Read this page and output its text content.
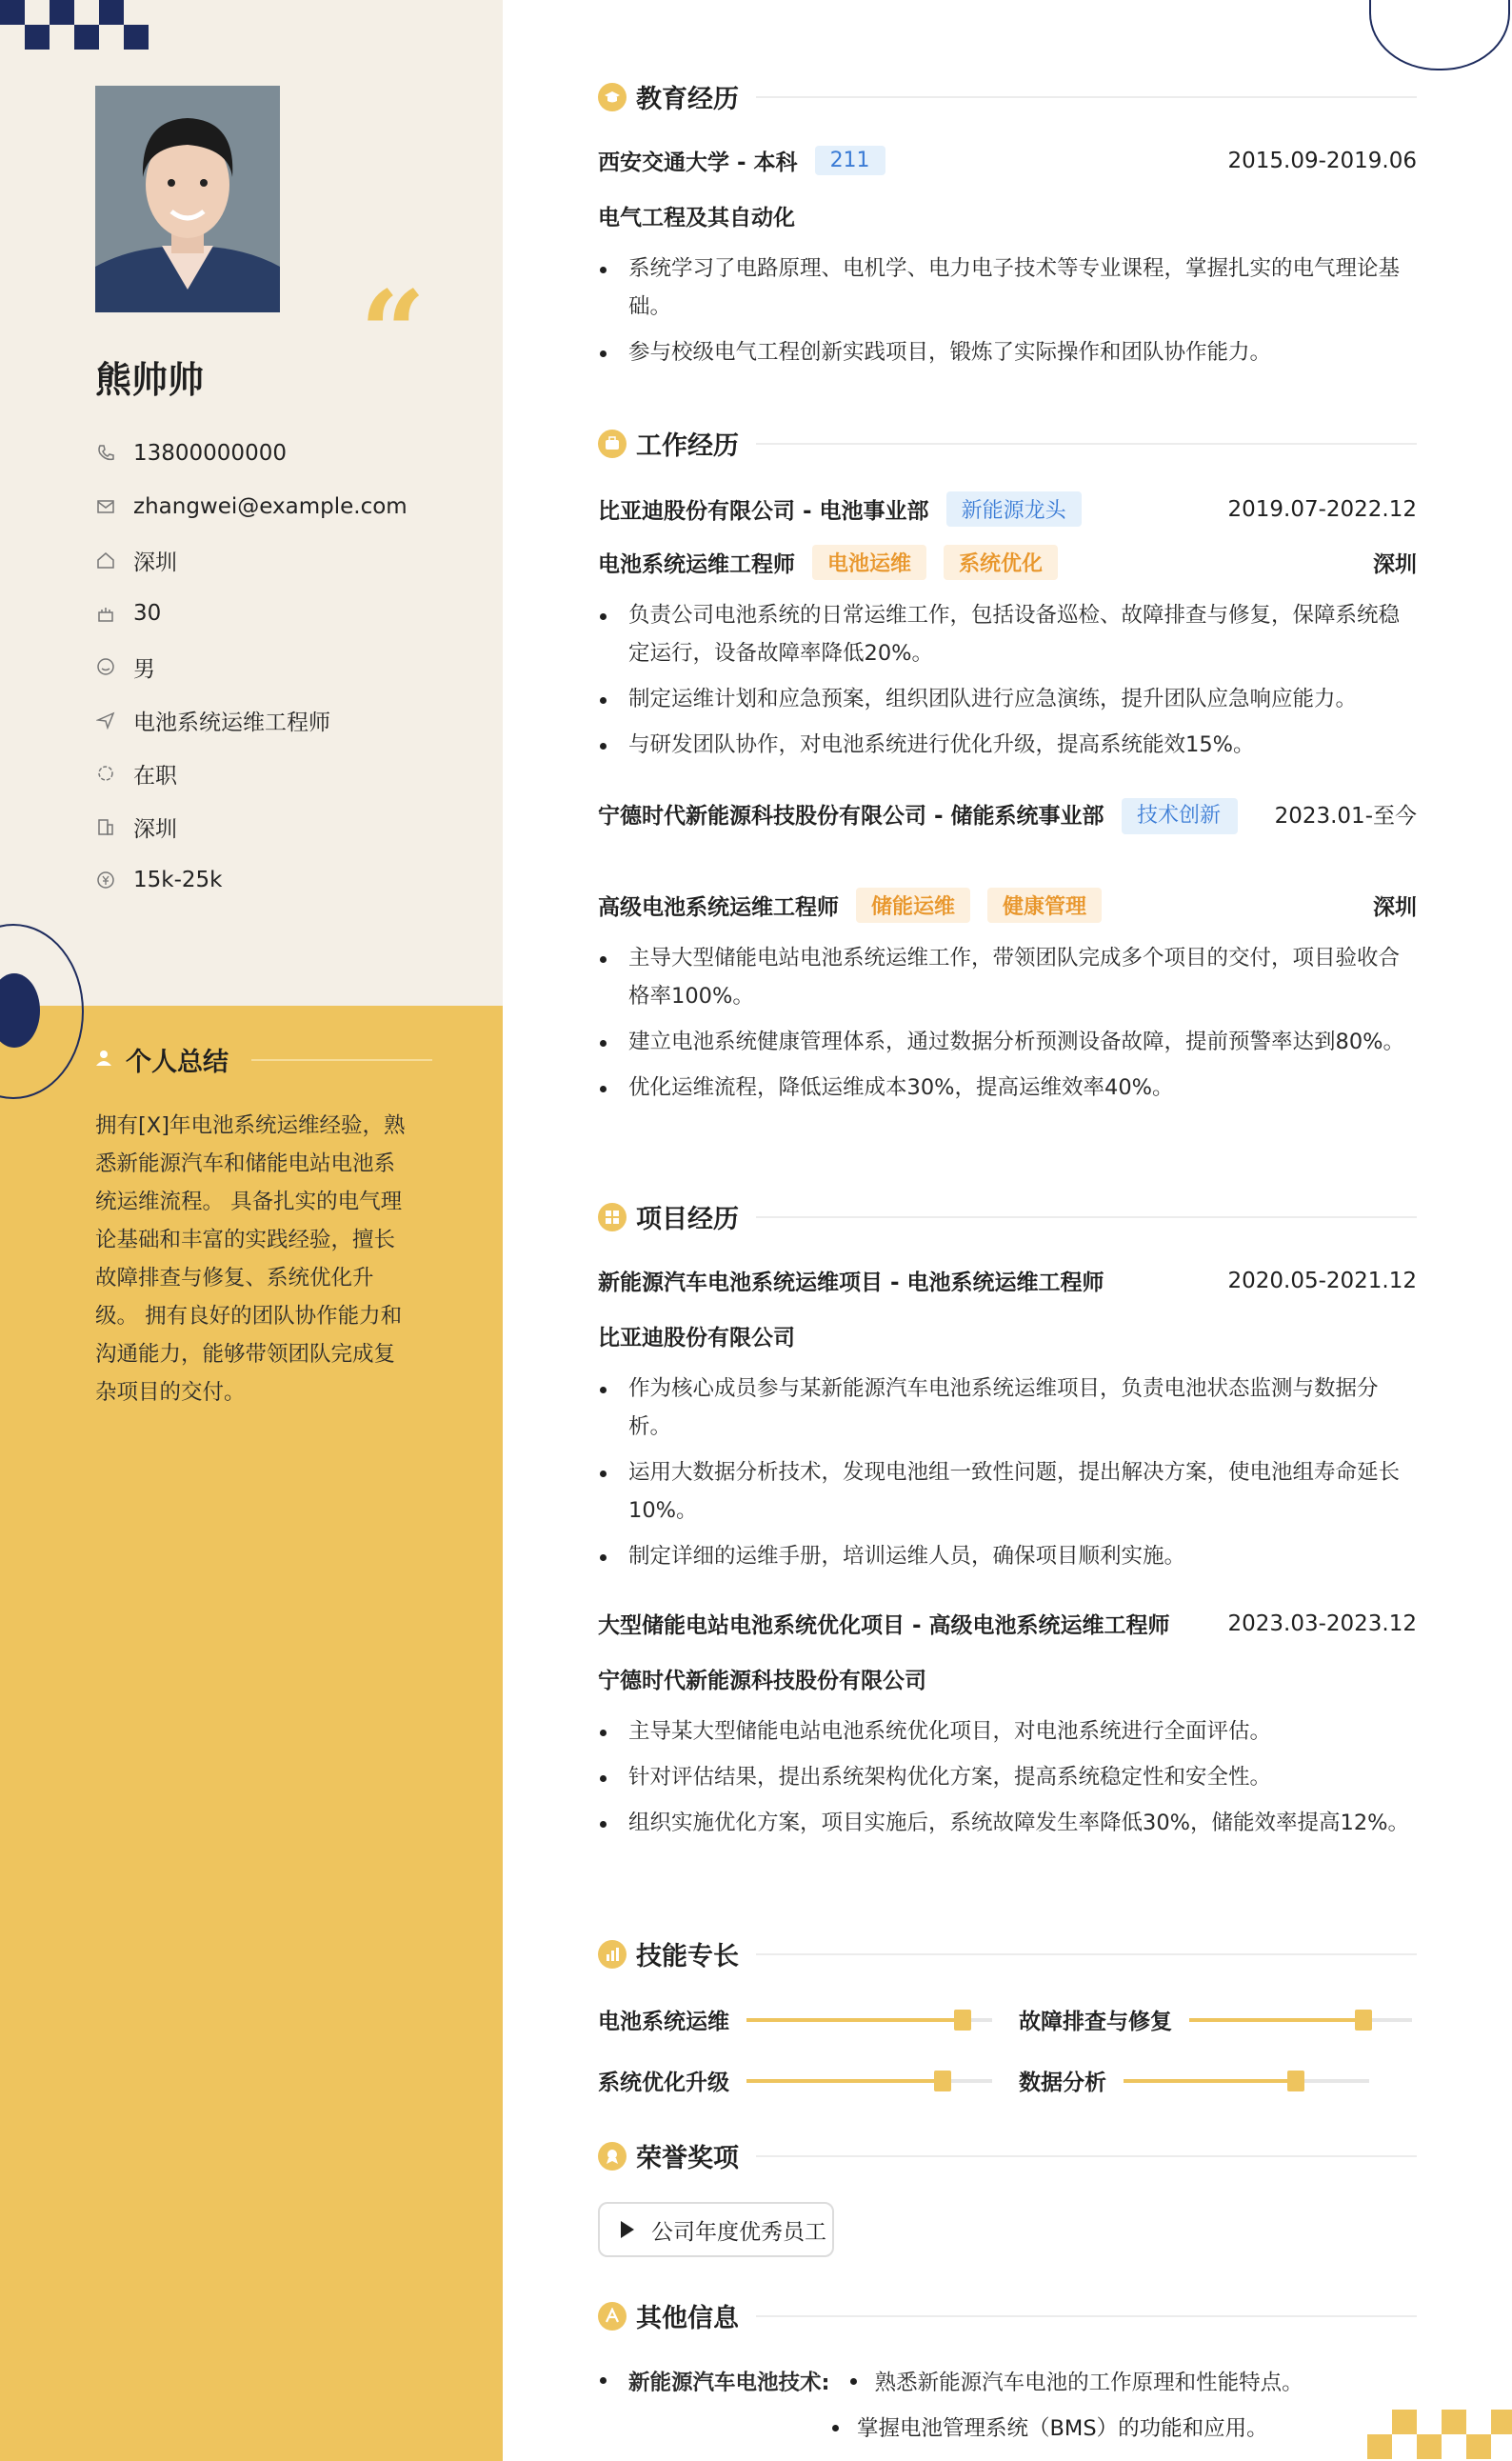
“
熊帅帅
13800000000
zhangwei@example.com
深圳
30
男
电池系统运维工程师
在职
深圳
15k-25k
个人总结
拥有[X]年电池系统运维经验，熟悉新能源汽车和储能电站电池系统运维流程。 具备扎实的电气理论基础和丰富的实践经验，擅长故障排查与修复、系统优化升级。 拥有良好的团队协作能力和沟通能力，能够带领团队完成复杂项目的交付。
教育经历
西安交通大学 - 本科	211	2015.09-2019.06
电气工程及其自动化
系统学习了电路原理、电机学、电力电子技术等专业课程，掌握扎实的电气理论基础。
参与校级电气工程创新实践项目，锻炼了实际操作和团队协作能力。
工作经历
比亚迪股份有限公司 - 电池事业部	新能源龙头	2019.07-2022.12
电池系统运维工程师	电池运维	系统优化	深圳
负责公司电池系统的日常运维工作，包括设备巡检、故障排查与修复，保障系统稳定运行，设备故障率降低20%。
制定运维计划和应急预案，组织团队进行应急演练，提升团队应急响应能力。
与研发团队协作，对电池系统进行优化升级，提高系统能效15%。
宁德时代新能源科技股份有限公司 - 储能系统事业部	技术创新	2023.01-至今
高级电池系统运维工程师	储能运维	健康管理	深圳
主导大型储能电站电池系统运维工作，带领团队完成多个项目的交付，项目验收合格率100%。
建立电池系统健康管理体系，通过数据分析预测设备故障，提前预警率达到80%。
优化运维流程，降低运维成本30%，提高运维效率40%。
项目经历
新能源汽车电池系统运维项目 - 电池系统运维工程师	2020.05-2021.12
比亚迪股份有限公司
作为核心成员参与某新能源汽车电池系统运维项目，负责电池状态监测与数据分析。
运用大数据分析技术，发现电池组一致性问题，提出解决方案，使电池组寿命延长10%。
制定详细的运维手册，培训运维人员，确保项目顺利实施。
大型储能电站电池系统优化项目 - 高级电池系统运维工程师	2023.03-2023.12
宁德时代新能源科技股份有限公司
主导某大型储能电站电池系统优化项目，对电池系统进行全面评估。
针对评估结果，提出系统架构优化方案，提高系统稳定性和安全性。
组织实施优化方案，项目实施后，系统故障发生率降低30%，储能效率提高12%。
技能专长
电池系统运维	故障排查与修复
系统优化升级	数据分析
荣誉奖项
公司年度优秀员工
其他信息
新能源汽车电池技术: 熟悉新能源汽车电池的工作原理和性能特点。
掌握电池管理系统（BMS）的功能和应用。
